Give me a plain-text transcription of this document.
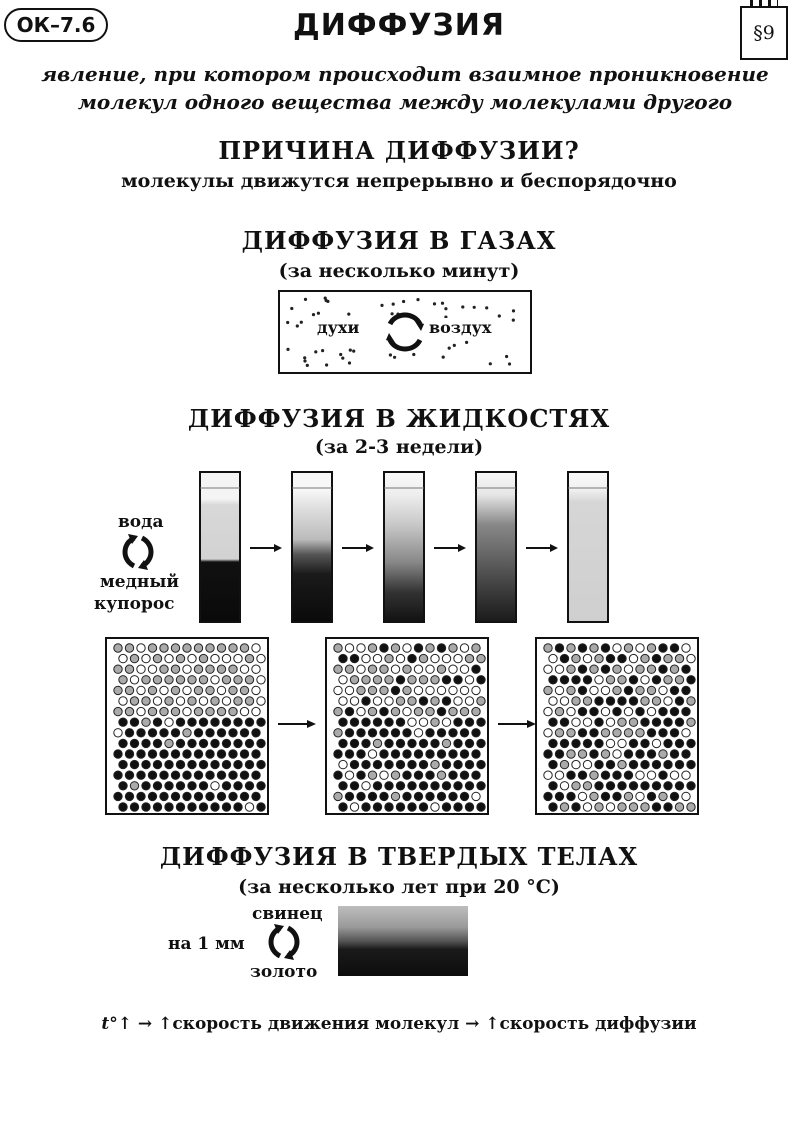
ОК–7.6	ДИФФУЗИЯ	§9
явление, при котором происходит взаимное проникновение
молекул одного вещества между молекулами другого
ПРИЧИНА ДИФФУЗИИ?
молекулы движутся непрерывно и беспорядочно
ДИФФУЗИЯ В ГАЗАХ
(за несколько минут)
духи	воздух
ДИФФУЗИЯ В ЖИДКОСТЯХ
(за 2-3 недели)
вода
медный
купорос
ДИФФУЗИЯ В ТВЕРДЫХ ТЕЛАХ
(за несколько лет при 20 °С)
свинец
на 1 мм
золото
t°↑ → ↑скорость движения молекул → ↑скорость диффузии
